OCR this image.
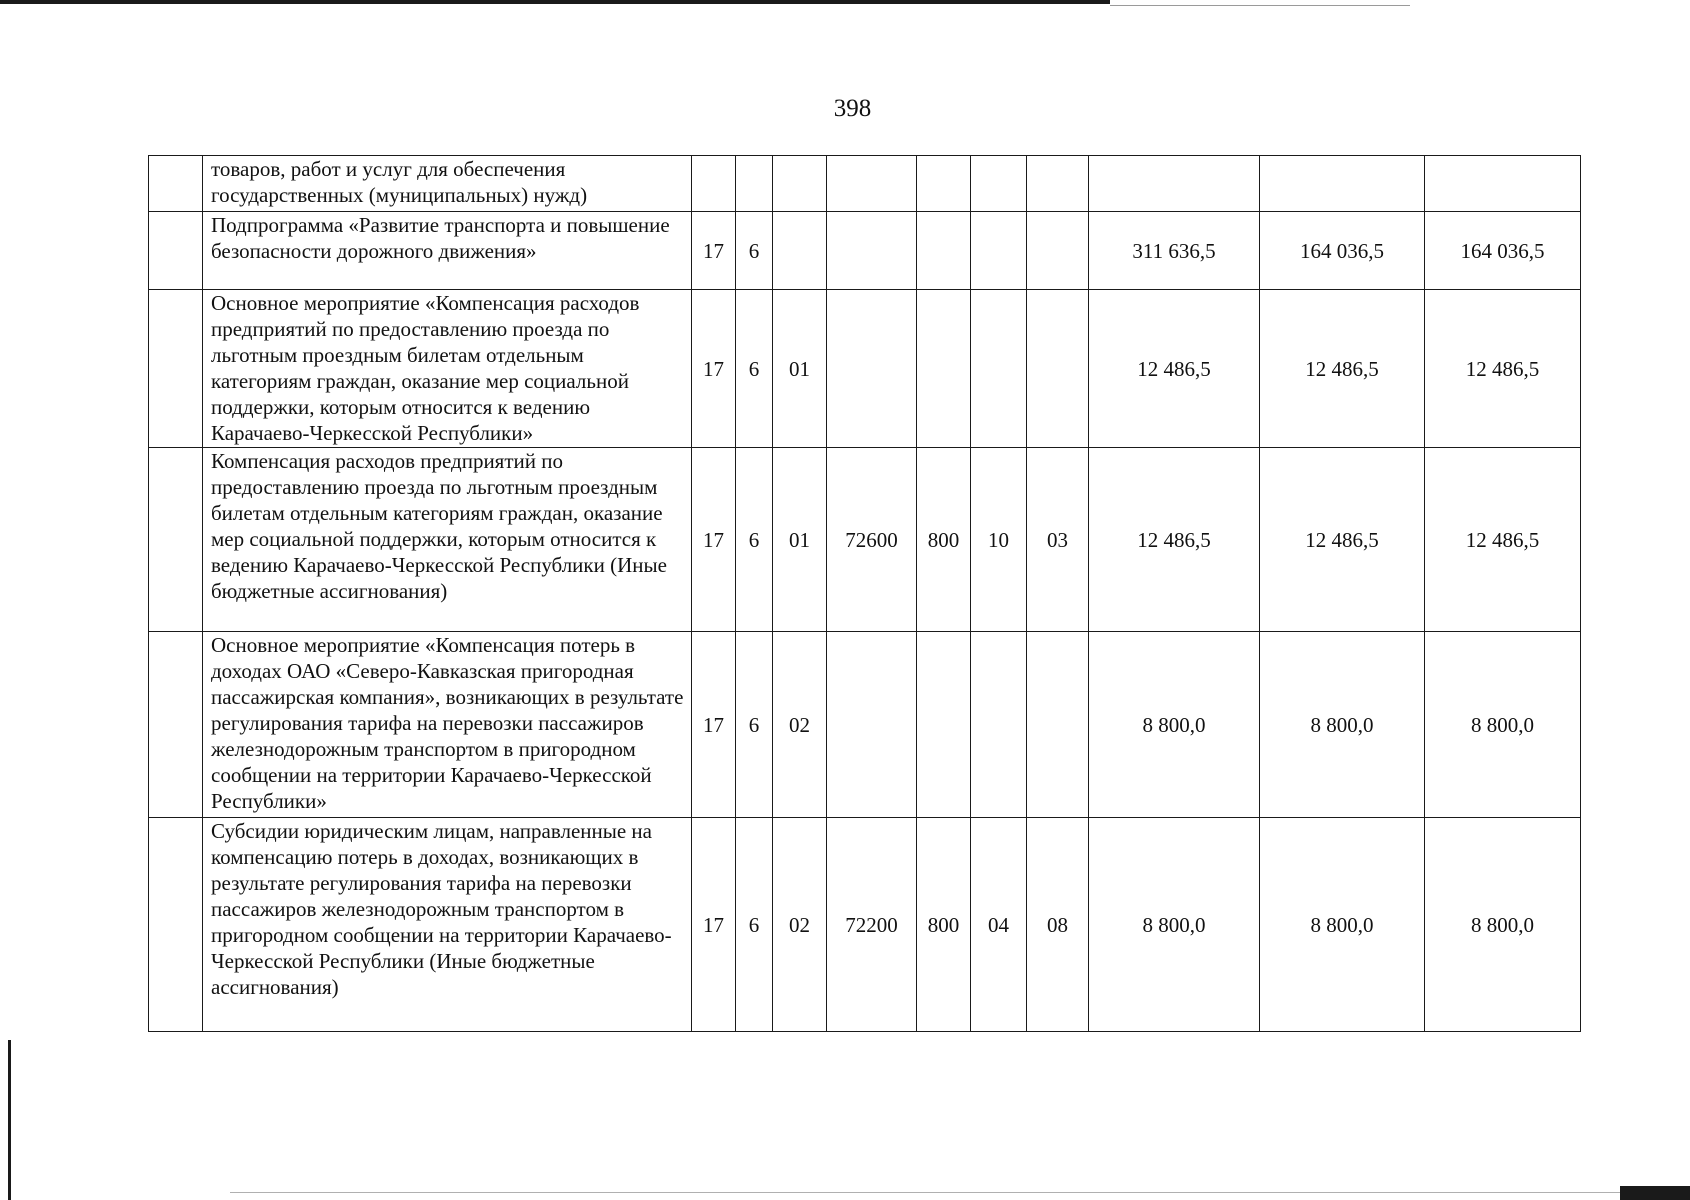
398
	товаров, работ и услуг для обеспечения государственных (муниципальных) нужд)										
	Подпрограмма «Развитие транспорта и повышение безопасности дорожного движения»	17	6						311 636,5	164 036,5	164 036,5
	Основное мероприятие «Компенсация расходов предприятий по предоставлению проезда по льготным проездным билетам отдельным категориям граждан, оказание мер социальной поддержки, которым относится к ведению Карачаево-Черкесской Республики»	17	6	01					12 486,5	12 486,5	12 486,5
	Компенсация расходов предприятий по предоставлению проезда по льготным проездным билетам отдельным категориям граждан, оказание мер социальной поддержки, которым относится к ведению Карачаево-Черкесской Республики (Иные бюджетные ассигнования)	17	6	01	72600	800	10	03	12 486,5	12 486,5	12 486,5
	Основное мероприятие «Компенсация потерь в доходах ОАО «Северо-Кавказская пригородная пассажирская компания», возникающих в результате регулирования тарифа на перевозки пассажиров железнодорожным транспортом в пригородном сообщении на территории Карачаево-Черкесской Республики»	17	6	02					8 800,0	8 800,0	8 800,0
	Субсидии юридическим лицам, направленные на компенсацию потерь в доходах, возникающих в результате регулирования тарифа на перевозки пассажиров железнодорожным транспортом в пригородном сообщении на территории Карачаево-Черкесской Республики (Иные бюджетные ассигнования)	17	6	02	72200	800	04	08	8 800,0	8 800,0	8 800,0
